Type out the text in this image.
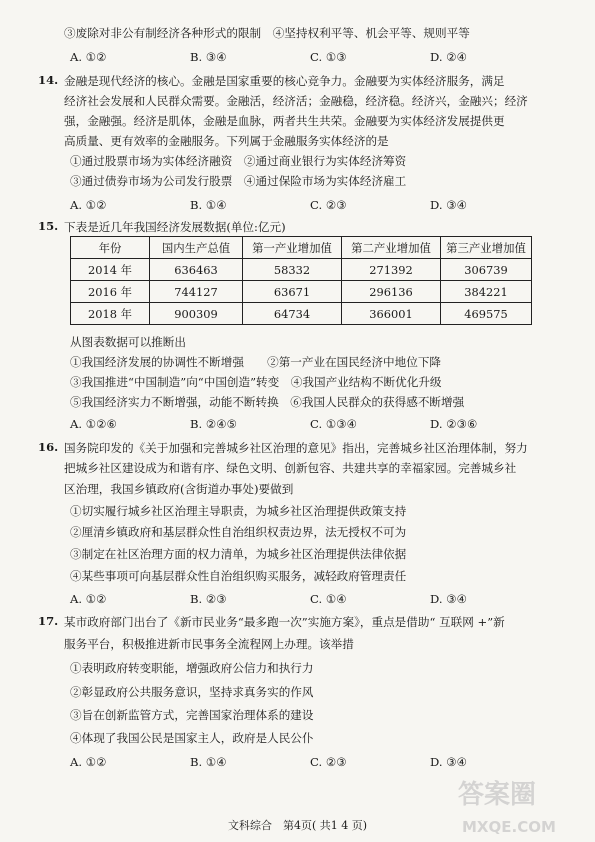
③废除对非公有制经济各种形式的限制　④坚持权利平等、机会平等、规则平等
A. ①②	B. ③④	C. ①③	D. ②④
14. 金融是现代经济的核心。金融是国家重要的核心竞争力。金融要为实体经济服务，满足
经济社会发展和人民群众需要。金融活，经济活；金融稳，经济稳。经济兴，金融兴；经济
强，金融强。经济是肌体，金融是血脉，两者共生共荣。金融要为实体经济发展提供更
高质量、更有效率的金融服务。下列属于金融服务实体经济的是
①通过股票市场为实体经济融资　②通过商业银行为实体经济筹资
③通过债券市场为公司发行股票　④通过保险市场为实体经济雇工
A. ①②	B. ①④	C. ②③	D. ③④
15. 下表是近几年我国经济发展数据(单位:亿元)
年份	国内生产总值	第一产业增加值	第二产业增加值	第三产业增加值
2014 年	636463	58332	271392	306739
2016 年	744127	63671	296136	384221
2018 年	900309	64734	366001	469575
从图表数据可以推断出
①我国经济发展的协调性不断增强　　②第一产业在国民经济中地位下降
③我国推进“中国制造”向“中国创造”转变　④我国产业结构不断优化升级
⑤我国经济实力不断增强，动能不断转换　⑥我国人民群众的获得感不断增强
A. ①②⑥	B. ②④⑤	C. ①③④	D. ②③⑥
16. 国务院印发的《关于加强和完善城乡社区治理的意见》指出，完善城乡社区治理体制，努力
把城乡社区建设成为和谐有序、绿色文明、创新包容、共建共享的幸福家园。完善城乡社
区治理，我国乡镇政府(含街道办事处)要做到
①切实履行城乡社区治理主导职责，为城乡社区治理提供政策支持
②厘清乡镇政府和基层群众性自治组织权责边界，法无授权不可为
③制定在社区治理方面的权力清单，为城乡社区治理提供法律依据
④某些事项可向基层群众性自治组织购买服务，减轻政府管理责任
A. ①②	B. ②③	C. ①④	D. ③④
17. 某市政府部门出台了《新市民业务“最多跑一次”实施方案》，重点是借助“ 互联网 +”新
服务平台，积极推进新市民事务全流程网上办理。该举措
①表明政府转变职能，增强政府公信力和执行力
②彰显政府公共服务意识，坚持求真务实的作风
③旨在创新监管方式，完善国家治理体系的建设
④体现了我国公民是国家主人，政府是人民公仆
A. ①②	B. ①④	C. ②③	D. ③④
文科综合　第4页( 共1 4 页)
答案圈
MXQE.COM
